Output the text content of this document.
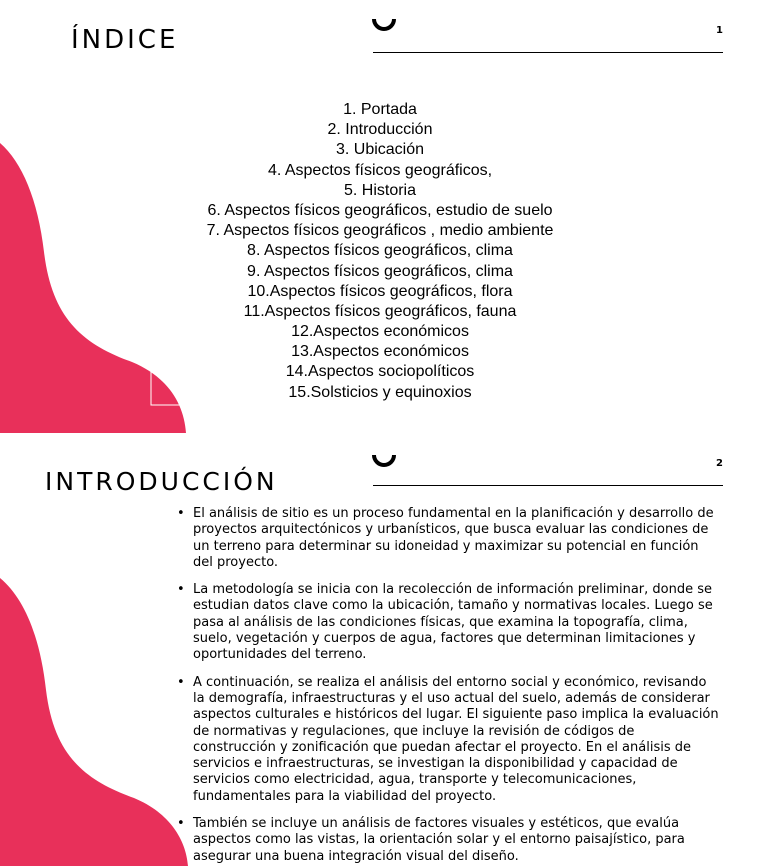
1
ÍNDICE
1. Portada
2. Introducción
3. Ubicación
4. Aspectos físicos geográficos,
5. Historia
6. Aspectos físicos geográficos, estudio de suelo
7. Aspectos físicos geográficos , medio ambiente
8. Aspectos físicos geográficos, clima
9. Aspectos físicos geográficos, clima
10.Aspectos físicos geográficos, flora
11.Aspectos físicos geográficos, fauna
12.Aspectos económicos
13.Aspectos económicos
14.Aspectos sociopolíticos
15.Solsticios y equinoxios
2
INTRODUCCIÓN
• El análisis de sitio es un proceso fundamental en la planificación y desarrollo de proyectos arquitectónicos y urbanísticos, que busca evaluar las condiciones de un terreno para determinar su idoneidad y maximizar su potencial en función del proyecto.
• La metodología se inicia con la recolección de información preliminar, donde se estudian datos clave como la ubicación, tamaño y normativas locales. Luego se pasa al análisis de las condiciones físicas, que examina la topografía, clima, suelo, vegetación y cuerpos de agua, factores que determinan limitaciones y oportunidades del terreno.
• A continuación, se realiza el análisis del entorno social y económico, revisando la demografía, infraestructuras y el uso actual del suelo, además de considerar aspectos culturales e históricos del lugar. El siguiente paso implica la evaluación de normativas y regulaciones, que incluye la revisión de códigos de construcción y zonificación que puedan afectar el proyecto. En el análisis de servicios e infraestructuras, se investigan la disponibilidad y capacidad de servicios como electricidad, agua, transporte y telecomunicaciones, fundamentales para la viabilidad del proyecto.
• También se incluye un análisis de factores visuales y estéticos, que evalúa aspectos como las vistas, la orientación solar y el entorno paisajístico, para asegurar una buena integración visual del diseño.
